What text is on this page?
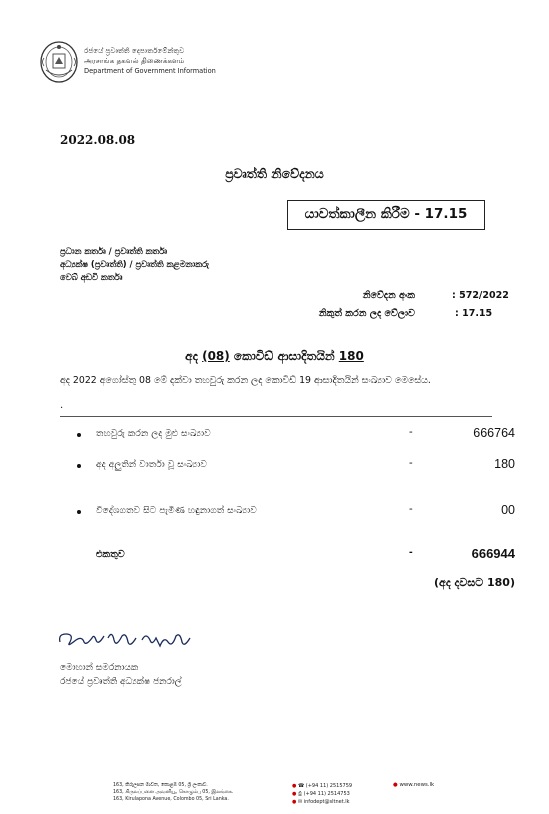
රජයේ ප්‍රවෘත්ති දෙපාර්තමේන්තුව
அரசாங்க தகவல் திணைக்களம்
Department of Government Information
2022.08.08
ප්‍රවෘත්ති නිවේදනය
යාවත්කාලීන කිරීම - 17.15
ප්‍රධාන කර්තෘ / ප්‍රවෘත්ති කර්තෘ
අධ්‍යක්ෂ (ප්‍රවෘත්ති) / ප්‍රවෘත්ති කළමනාකරු
වෙබ් අඩවි කර්තෘ
නිවේදන අංක	: 572/2022
නිකුත් කරන ලද වේලාව	: 17.15
අද (08) කොවිඩ් ආසාදිතයින් 180
අද 2022 අගෝස්තු 08 මේ දක්වා තහවුරු කරන ලද කොවිඩ් 19 ආසාදිතයින් සංඛ්‍යාව මෙසේය.
.
තහවුරු කරන ලද මුළු සංඛ්‍යාව	-	666764
අද අලුතින් වාර්තා වූ සංඛ්‍යාව	-	180
විදේශගතව සිට පැමිණ හඳුනාගත් සංඛ්‍යාව	-	00
එකතුව	-	666944
(අද දවසට 180)
මොහාන් සමරනායක
රජයේ ප්‍රවෘත්ති අධ්‍යක්ෂ ජනරාල්
163, කිරුලපන මාවත, කොළඹ 05, ශ්‍රී ලංකාව.
163, கிருலப்பனை அவனியூ, கொழும்பு 05, இலங்கை.
163, Kirulapona Avenue, Colombo 05, Sri Lanka.
● ☎ (+94 11) 2515759
● ⎙ (+94 11) 2514753
● ✉ infodept@sltnet.lk
● www.news.lk
